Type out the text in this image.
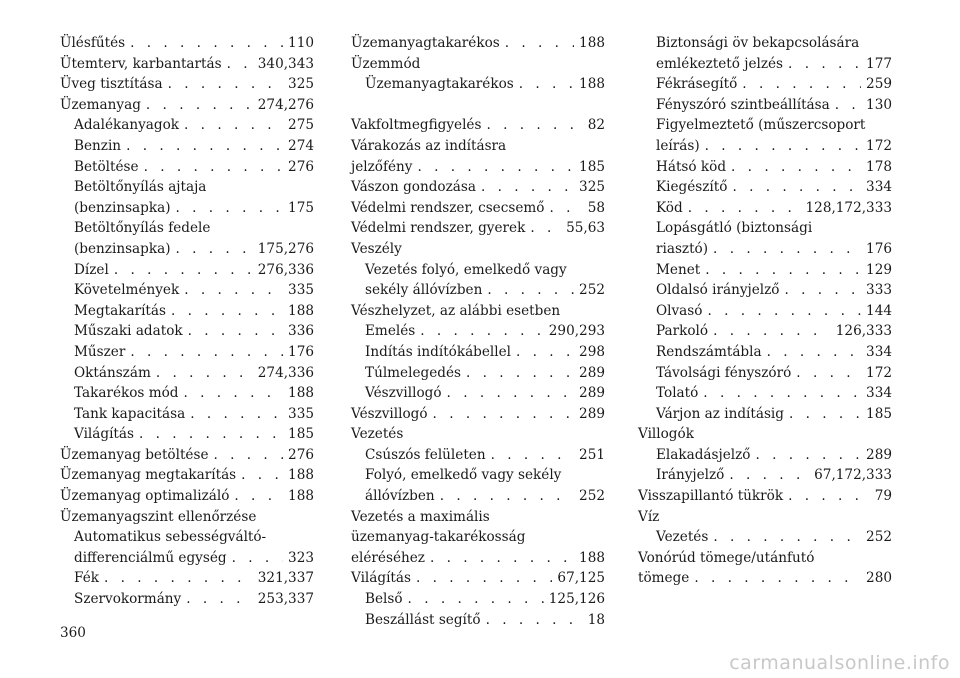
Ülésfűtés . . .	110
Ütemterv, karbantartás . . .	340,343
Üveg tisztítása . . .	325
Üzemanyag . . .	274,276
Adalékanyagok . . .	275
Benzin . . .	274
Betöltése . . .	276
Betöltőnyílás ajtaja
(benzinsapka) . . .	175
Betöltőnyílás fedele
(benzinsapka) . . .	175,276
Dízel . . .	276,336
Követelmények . . .	335
Megtakarítás . . .	188
Műszaki adatok . . .	336
Műszer . . .	176
Oktánszám . . .	274,336
Takarékos mód . . .	188
Tank kapacitása . . .	335
Világítás . . .	185
Üzemanyag betöltése . . .	276
Üzemanyag megtakarítás . . .	188
Üzemanyag optimalizáló . . .	188
Üzemanyagszint ellenőrzése
Automatikus sebességváltó-
differenciálmű egység . . .	323
Fék . . .	321,337
Szervokormány . . .	253,337
Üzemanyagtakarékos . . .	188
Üzemmód
Üzemanyagtakarékos . . .	188
Vakfoltmegfigyelés . . .	82
Várakozás az indításra
jelzőfény . . .	185
Vászon gondozása . . .	325
Védelmi rendszer, csecsemő . . .	58
Védelmi rendszer, gyerek . . .	55,63
Veszély
Vezetés folyó, emelkedő vagy
sekély állóvízben . . .	252
Vészhelyzet, az alábbi esetben
Emelés . . .	290,293
Indítás indítókábellel . . .	298
Túlmelegedés . . .	289
Vészvillogó . . .	289
Vészvillogó . . .	289
Vezetés
Csúszós felületen . . .	251
Folyó, emelkedő vagy sekély
állóvízben . . .	252
Vezetés a maximális
üzemanyag-takarékosság
eléréséhez . . .	188
Világítás . . .	67,125
Belső . . .	125,126
Beszállást segítő . . .	18
Biztonsági öv bekapcsolására
emlékeztető jelzés . . .	177
Fékrásegítő . . .	259
Fényszóró szintbeállítása . . .	130
Figyelmeztető (műszercsoport
leírás) . . .	172
Hátsó köd . . .	178
Kiegészítő . . .	334
Köd . . .	128,172,333
Lopásgátló (biztonsági
riasztó) . . .	176
Menet . . .	129
Oldalsó irányjelző . . .	333
Olvasó . . .	144
Parkoló . . .	126,333
Rendszámtábla . . .	334
Távolsági fényszóró . . .	172
Tolató . . .	334
Várjon az indításig . . .	185
Villogók
Elakadásjelző . . .	289
Irányjelző . . .	67,172,333
Visszapillantó tükrök . . .	79
Víz
Vezetés . . .	252
Vonórúd tömege/utánfutó
tömege . . .	280
360
carmanualsonline.info
